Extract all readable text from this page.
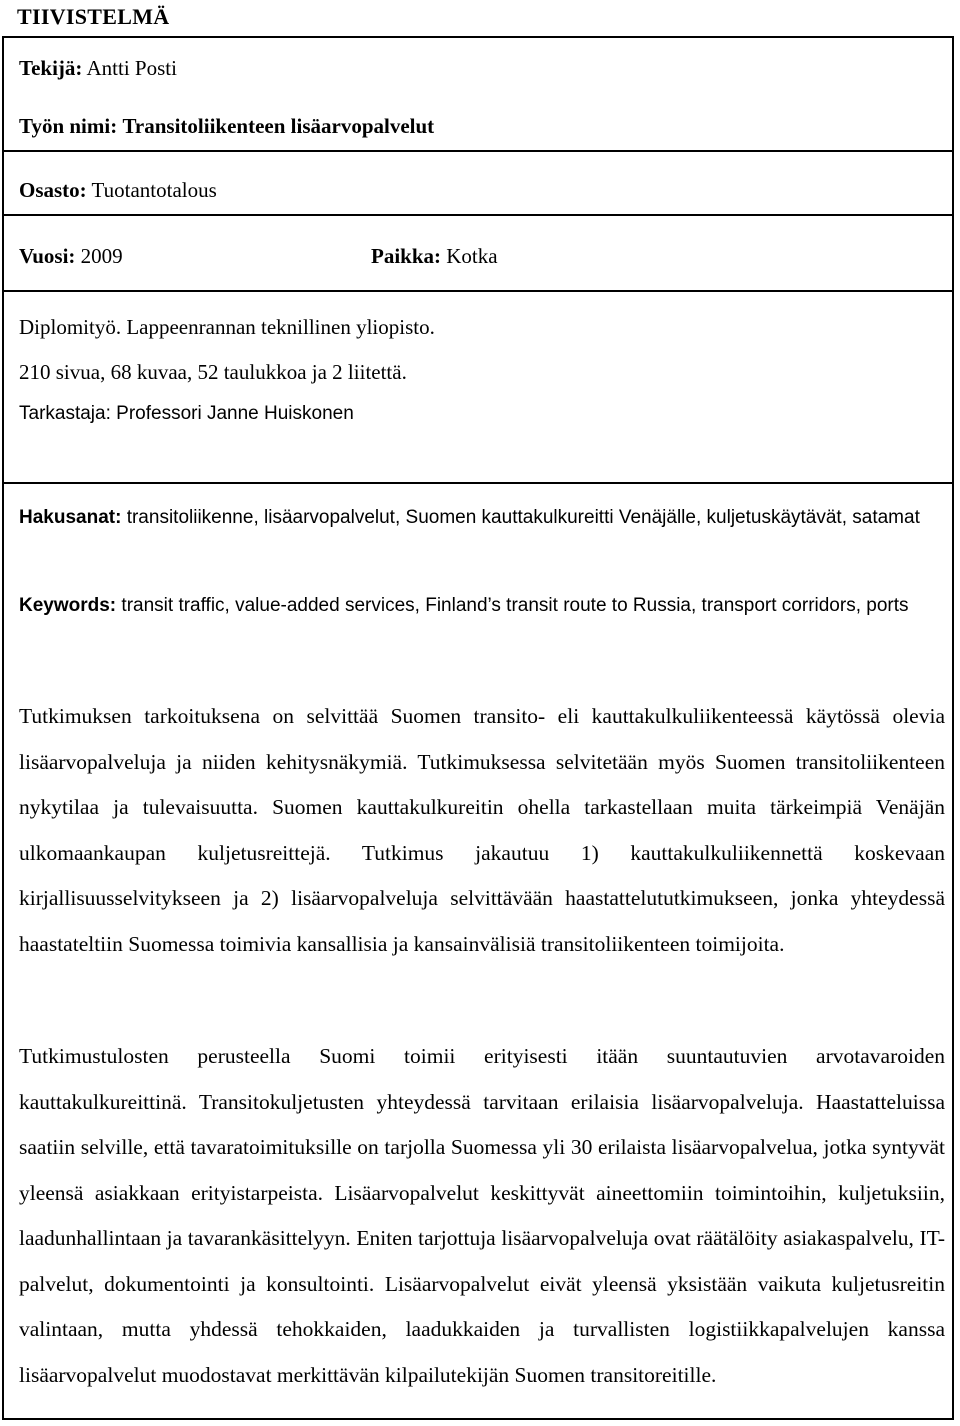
TIIVISTELMÄ
Tekijä: Antti Posti
Työn nimi: Transitoliikenteen lisäarvopalvelut
Osasto: Tuotantotalous
Vuosi: 2009	Paikka: Kotka
Diplomityö. Lappeenrannan teknillinen yliopisto.
210 sivua, 68 kuvaa, 52 taulukkoa ja 2 liitettä.
Tarkastaja: Professori Janne Huiskonen

Hakusanat: transitoliikenne, lisäarvopalvelut, Suomen kauttakulkureitti Venäjälle, kuljetuskäytävät, satamat

Keywords: transit traffic, value-added services, Finland’s transit route to Russia, transport corridors, ports

Tutkimuksen tarkoituksena on selvittää Suomen transito- eli kauttakulkuliikenteessä käytössä olevia lisäarvopalveluja ja niiden kehitysnäkymiä. Tutkimuksessa selvitetään myös Suomen transitoliikenteen nykytilaa ja tulevaisuutta. Suomen kauttakulkureitin ohella tarkastellaan muita tärkeimpiä Venäjän ulkomaankaupan kuljetusreittejä. Tutkimus jakautuu 1) kauttakulkuliikennettä koskevaan kirjallisuusselvitykseen ja 2) lisäarvopalveluja selvittävään haastattelututkimukseen, jonka yhteydessä haastateltiin Suomessa toimivia kansallisia ja kansainvälisiä transitoliikenteen toimijoita.

Tutkimustulosten perusteella Suomi toimii erityisesti itään suuntautuvien arvotavaroiden kauttakulkureittinä. Transitokuljetusten yhteydessä tarvitaan erilaisia lisäarvopalveluja. Haastatteluissa saatiin selville, että tavaratoimituksille on tarjolla Suomessa yli 30 erilaista lisäarvopalvelua, jotka syntyvät yleensä asiakkaan erityistarpeista. Lisäarvopalvelut keskittyvät aineettomiin toimintoihin, kuljetuksiin, laadunhallintaan ja tavarankäsittelyyn. Eniten tarjottuja lisäarvopalveluja ovat räätälöity asiakaspalvelu, IT-palvelut, dokumentointi ja konsultointi. Lisäarvopalvelut eivät yleensä yksistään vaikuta kuljetusreitin valintaan, mutta yhdessä tehokkaiden, laadukkaiden ja turvallisten logistiikkapalvelujen kanssa lisäarvopalvelut muodostavat merkittävän kilpailutekijän Suomen transitoreitille.
